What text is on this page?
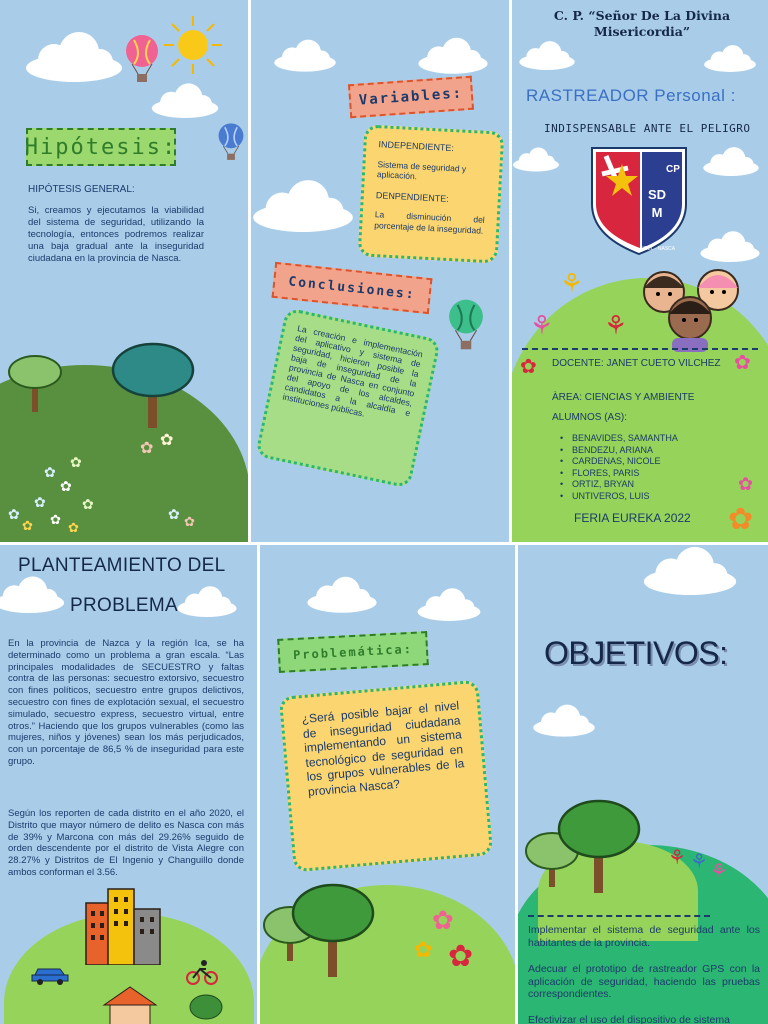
Hipótesis:
HIPÓTESIS GENERAL:
Si, creamos y ejecutamos la viabilidad del sistema de seguridad, utilizando la tecnología, entonces podremos realizar una baja gradual ante la inseguridad ciudadana en la provincia de Nasca.
✿ ✿
✿
✿
✿
✿	✿
✿
✿ ✿
✿
✿ ✿
Variables:
INDEPENDIENTE:
Sistema de seguridad y aplicación.
DENPENDIENTE:
La disminución del porcentaje de la inseguridad.
Conclusiones:
La creación e implementación del aplicativo y sistema de seguridad, hicieron posible la baja de inseguridad de la provincia de Nasca en conjunto del apoyo de los alcaldes, candidatos a la alcaldía e instituciones públicas.
C. P. “Señor De La Divina Misericordia”
RASTREADOR Personal :
INDISPENSABLE ANTE EL PELIGRO
CP
SDM
UGEL - NASCA
⚘
⚘ ⚘
✿	✿
DOCENTE: JANET CUETO VILCHEZ
ÀREA: CIENCIAS Y AMBIENTE
ALUMNOS (AS):
• BENAVIDES, SAMANTHA
• BENDEZU, ARIANA
• CARDENAS, NICOLE
• FLORES, PARIS
• ORTIZ, BRYAN
• UNTIVEROS, LUIS
✿
✿
FERIA EUREKA 2022
PLANTEAMIENTO DEL
PROBLEMA
En la provincia de Nazca y la región Ica, se ha determinado como un problema a gran escala. “Las principales modalidades de SECUESTRO y faltas contra de las personas: secuestro extorsivo, secuestro con fines políticos, secuestro entre grupos delictivos, secuestro con fines de explotación sexual, el secuestro simulado, secuestro express, secuestro virtual, entre otros.” Haciendo que los grupos vulnerables (como las mujeres, niños y jóvenes) sean los más perjudicados, con un porcentaje de 86,5 % de inseguridad para este grupo.
Según los reporten de cada distrito en el año 2020, el Distrito que mayor número de delito es Nasca con más de 39% y Marcona con más del 29.26% seguido de orden descendente por el distrito de Vista Alegre con 28.27% y Distritos de El Ingenio y Changuillo donde ambos conforman el 3.56.
Problemática:
¿Será posible bajar el nivel de inseguridad ciudadana implementando un sistema tecnológico de seguridad en los grupos vulnerables de la provincia Nasca?
✿
✿ ✿
OBJETIVOS:
⚘ ⚘ ⚘
Implementar el sistema de seguridad ante los habitantes de la provincia.
Adecuar el prototipo de rastreador GPS con la aplicación de seguridad, haciendo las pruebas correspondientes.
Efectivizar el uso del dispositivo de sistema
